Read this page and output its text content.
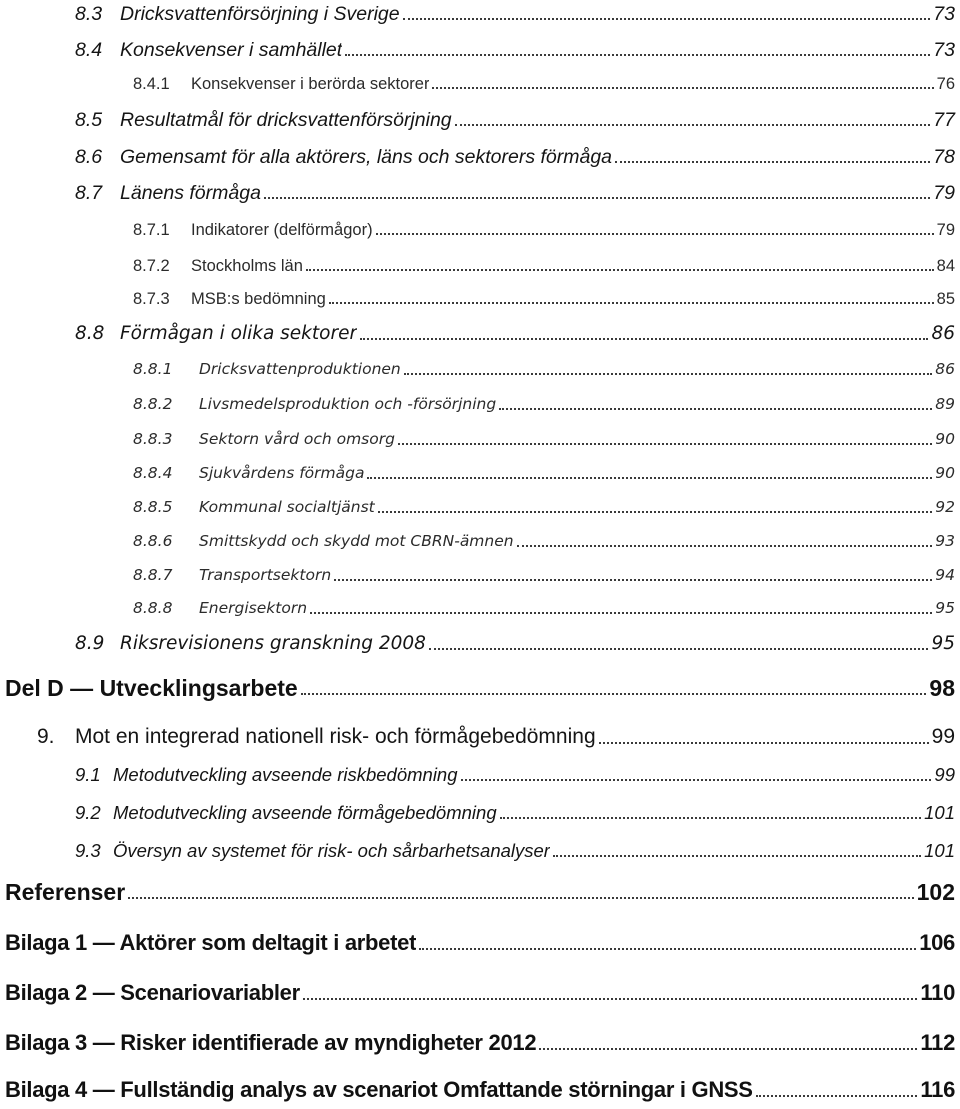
8.3 Dricksvattenförsörjning i Sverige	73
8.4 Konsekvenser i samhället	73
8.4.1	Konsekvenser i berörda sektorer	76
8.5 Resultatmål för dricksvattenförsörjning	77
8.6 Gemensamt för alla aktörers, läns och sektorers förmåga	78
8.7 Länens förmåga	79
8.7.1	Indikatorer (delförmågor)	79
8.7.2	Stockholms län	84
8.7.3	MSB:s bedömning	85
8.8 Förmågan i olika sektorer	86
8.8.1	Dricksvattenproduktionen	86
8.8.2	Livsmedelsproduktion och -försörjning	89
8.8.3	Sektorn vård och omsorg	90
8.8.4	Sjukvårdens förmåga	90
8.8.5	Kommunal socialtjänst	92
8.8.6	Smittskydd och skydd mot CBRN-ämnen	93
8.8.7	Transportsektorn	94
8.8.8	Energisektorn	95
8.9 Riksrevisionens granskning 2008	95
Del D — Utvecklingsarbete	98
9. Mot en integrerad nationell risk- och förmågebedömning	99
9.1 Metodutveckling avseende riskbedömning	99
9.2 Metodutveckling avseende förmågebedömning	101
9.3 Översyn av systemet för risk- och sårbarhetsanalyser	101
Referenser	102
Bilaga 1 — Aktörer som deltagit i arbetet	106
Bilaga 2 — Scenariovariabler	110
Bilaga 3 — Risker identifierade av myndigheter 2012	112
Bilaga 4 — Fullständig analys av scenariot Omfattande störningar i GNSS	116
